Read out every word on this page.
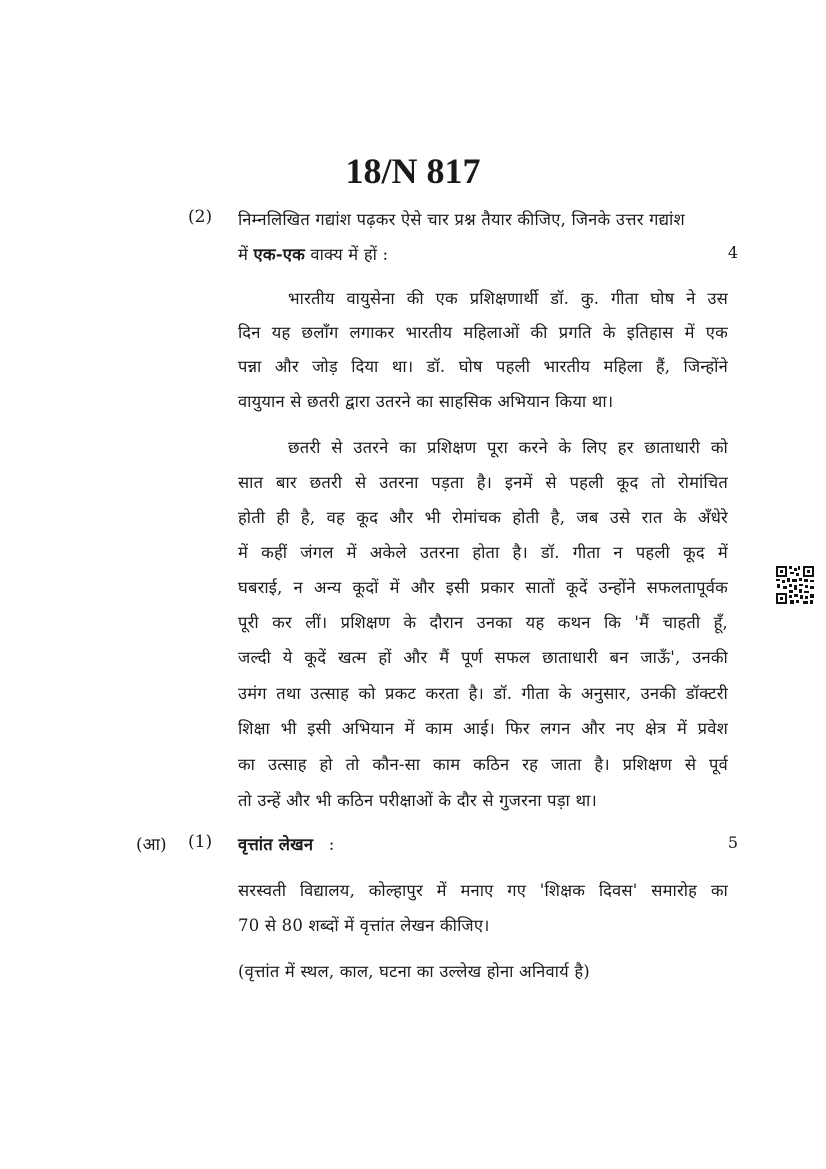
18/N 817
(2) निम्नलिखित गद्यांश पढ़कर ऐसे चार प्रश्न तैयार कीजिए, जिनके उत्तर गद्यांश
में एक-एक वाक्य में हों :	4
भारतीय वायुसेना की एक प्रशिक्षणार्थी डॉ. कु. गीता घोष ने उस
दिन यह छलाँग लगाकर भारतीय महिलाओं की प्रगति के इतिहास में एक
पन्ना और जोड़ दिया था। डॉ. घोष पहली भारतीय महिला हैं, जिन्होंने
वायुयान से छतरी द्वारा उतरने का साहसिक अभियान किया था।
छतरी से उतरने का प्रशिक्षण पूरा करने के लिए हर छाताधारी को
सात बार छतरी से उतरना पड़ता है। इनमें से पहली कूद तो रोमांचित
होती ही है, वह कूद और भी रोमांचक होती है, जब उसे रात के अँधेरे
में कहीं जंगल में अकेले उतरना होता है। डॉ. गीता न पहली कूद में
घबराई, न अन्य कूदों में और इसी प्रकार सातों कूदें उन्होंने सफलतापूर्वक
पूरी कर लीं। प्रशिक्षण के दौरान उनका यह कथन कि 'मैं चाहती हूँ,
जल्दी ये कूदें खत्म हों और मैं पूर्ण सफल छाताधारी बन जाऊँ', उनकी
उमंग तथा उत्साह को प्रकट करता है। डॉ. गीता के अनुसार, उनकी डॉक्टरी
शिक्षा भी इसी अभियान में काम आई। फिर लगन और नए क्षेत्र में प्रवेश
का उत्साह हो तो कौन-सा काम कठिन रह जाता है। प्रशिक्षण से पूर्व
तो उन्हें और भी कठिन परीक्षाओं के दौर से गुजरना पड़ा था।
(आ) (1) वृत्तांत लेखन :	5
सरस्वती विद्यालय, कोल्हापुर में मनाए गए 'शिक्षक दिवस' समारोह का
70 से 80 शब्दों में वृत्तांत लेखन कीजिए।
(वृत्तांत में स्थल, काल, घटना का उल्लेख होना अनिवार्य है)
